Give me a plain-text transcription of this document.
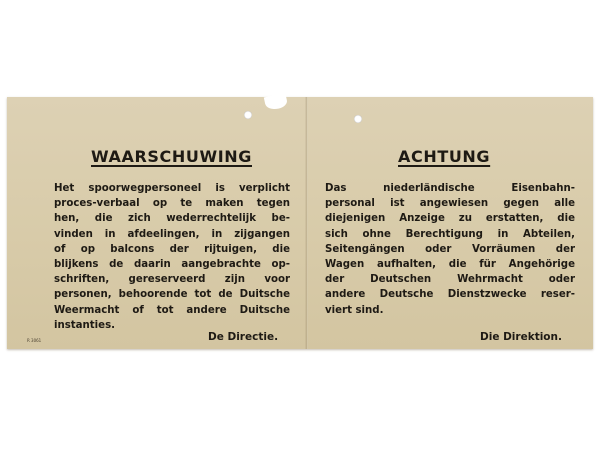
WAARSCHUWING
Het spoorwegpersoneel is verplicht
proces-verbaal op te maken tegen
hen, die zich wederrechtelijk be-
vinden in afdeelingen, in zijgangen
of op balcons der rijtuigen, die
blijkens de daarin aangebrachte op-
schriften, gereserveerd zijn voor
personen, behoorende tot de Duitsche
Weermacht of tot andere Duitsche
instanties.
De Directie.
R 3061
ACHTUNG
Das niederländische Eisenbahn-
personal ist angewiesen gegen alle
diejenigen Anzeige zu erstatten, die
sich ohne Berechtigung in Abteilen,
Seitengängen oder Vorräumen der
Wagen aufhalten, die für Angehörige
der Deutschen Wehrmacht oder
andere Deutsche Dienstzwecke reser-
viert sind.
Die Direktion.
